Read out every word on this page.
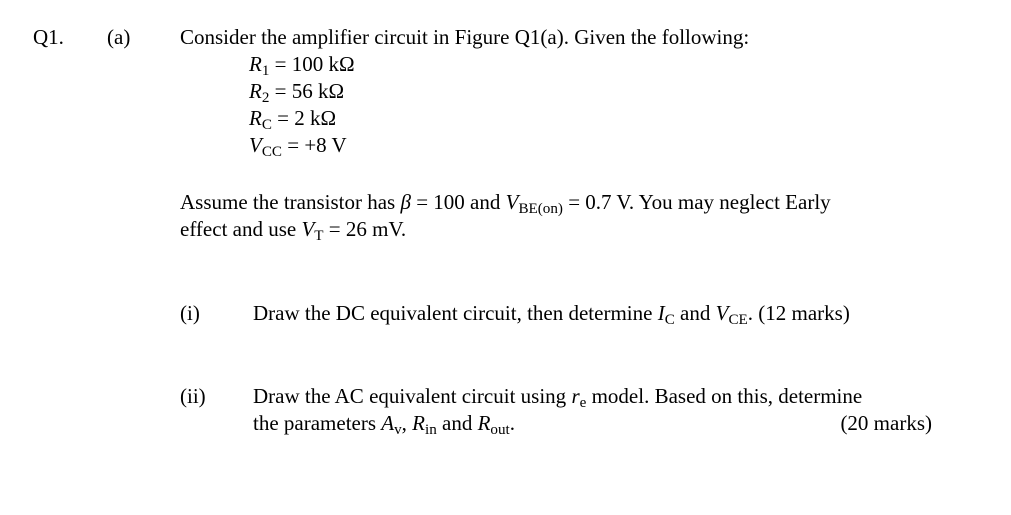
Q1. (a) Consider the amplifier circuit in Figure Q1(a). Given the following:
$R_1 = 100$ kΩ
$R_2 = 56$ kΩ
$R_C = 2$ kΩ
$V_{CC} = +8$ V
Assume the transistor has β = 100 and $V_{BE(on)} = 0.7$ V. You may neglect Early
effect and use $V_T = 26$ mV.
(i)	Draw the DC equivalent circuit, then determine $I_C$ and $V_{CE}$. (12 marks)
(ii) Draw the AC equivalent circuit using $r_e$ model. Based on this, determine
the parameters $A_v$, $R_{in}$ and $R_{out}$.	(20 marks)
